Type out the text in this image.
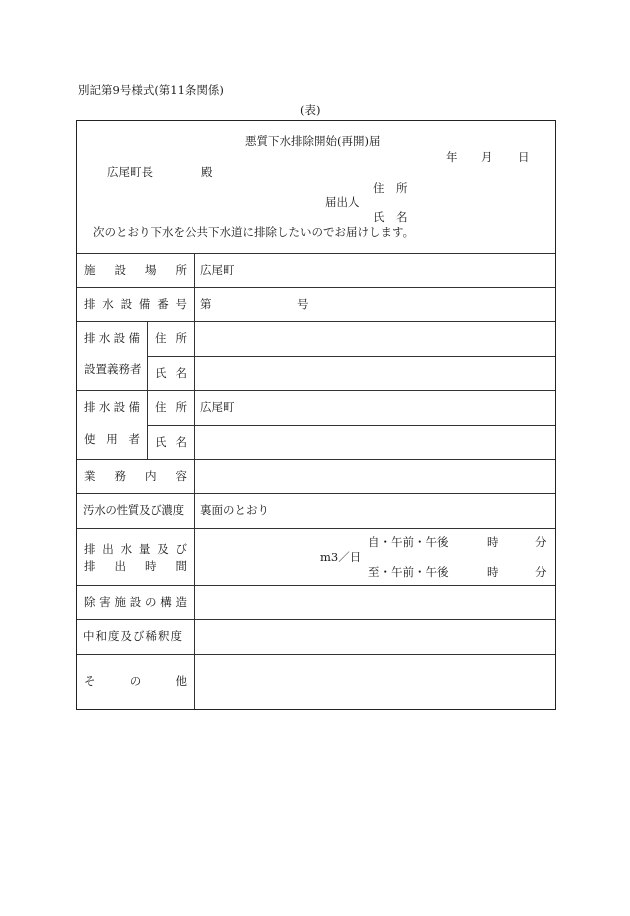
別記第9号様式(第11条関係)
(表)
悪質下水排除開始(再開)届
年 月 日
広尾町長	殿
住　所
届出人
氏　名
次のとおり下水を公共下水道に排除したいのでお届けします。
施 設 場 所 広尾町
排 水 設 備 番 号 第	号
排 水 設 備
設 置 義 務 者
住 所
氏 名
排 水 設 備
使 用 者
住 所 広尾町
氏 名
業 務 内 容
汚水の性質及び濃度 裏面のとおり
排 出 水 量 及 び
排 出 時 間
m3／日
自・午前・午後	時	分
至・午前・午後	時	分
除 害 施 設 の 構 造
中和度及び稀釈度
そ	の	他
